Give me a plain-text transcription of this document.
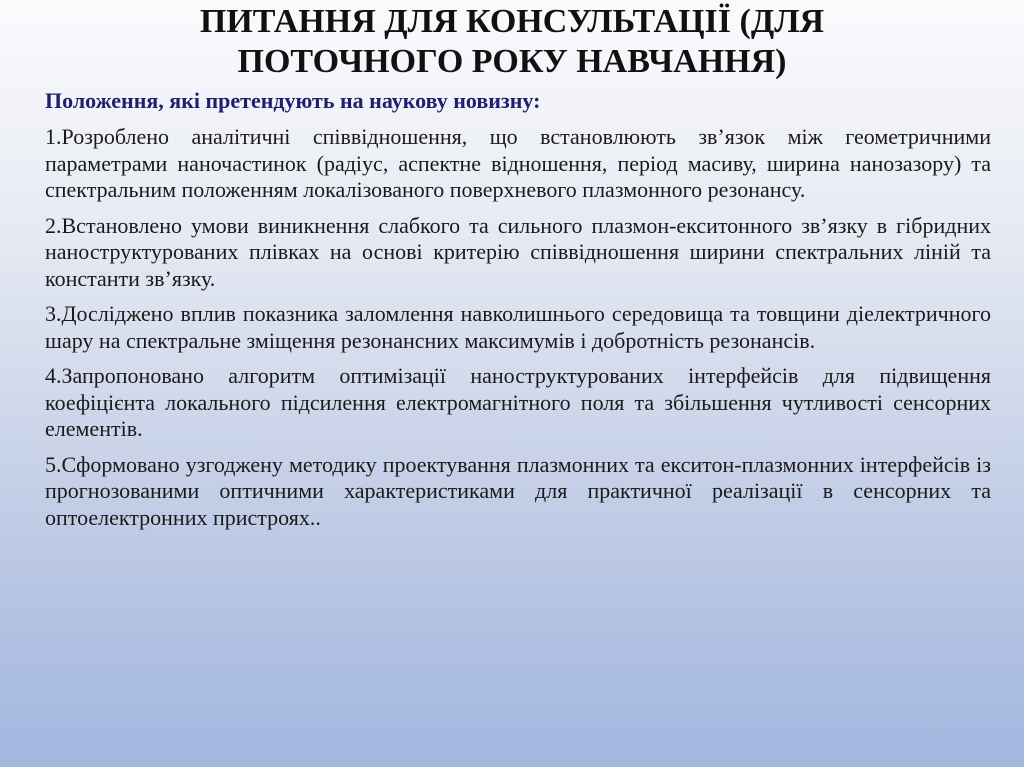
ПИТАННЯ ДЛЯ КОНСУЛЬТАЦІЇ (ДЛЯ
ПОТОЧНОГО РОКУ НАВЧАННЯ)

Положення, які претендують на наукову новизну:

1.Розроблено аналітичні співвідношення, що встановлюють зв’язок між геометричними параметрами наночастинок (радіус, аспектне відношення, період масиву, ширина нанозазору) та спектральним положенням локалізованого поверхневого плазмонного резонансу.

2.Встановлено умови виникнення слабкого та сильного плазмон-екситонного зв’язку в гібридних наноструктурованих плівках на основі критерію співвідношення ширини спектральних ліній та константи зв’язку.

3.Досліджено вплив показника заломлення навколишнього середовища та товщини діелектричного шару на спектральне зміщення резонансних максимумів і добротність резонансів.

4.Запропоновано алгоритм оптимізації наноструктурованих інтерфейсів для підвищення коефіцієнта локального підсилення електромагнітного поля та збільшення чутливості сенсорних елементів.

5.Сформовано узгоджену методику проектування плазмонних та екситон-плазмонних інтерфейсів із прогнозованими оптичними характеристиками для практичної реалізації в сенсорних та оптоелектронних пристроях..

6
